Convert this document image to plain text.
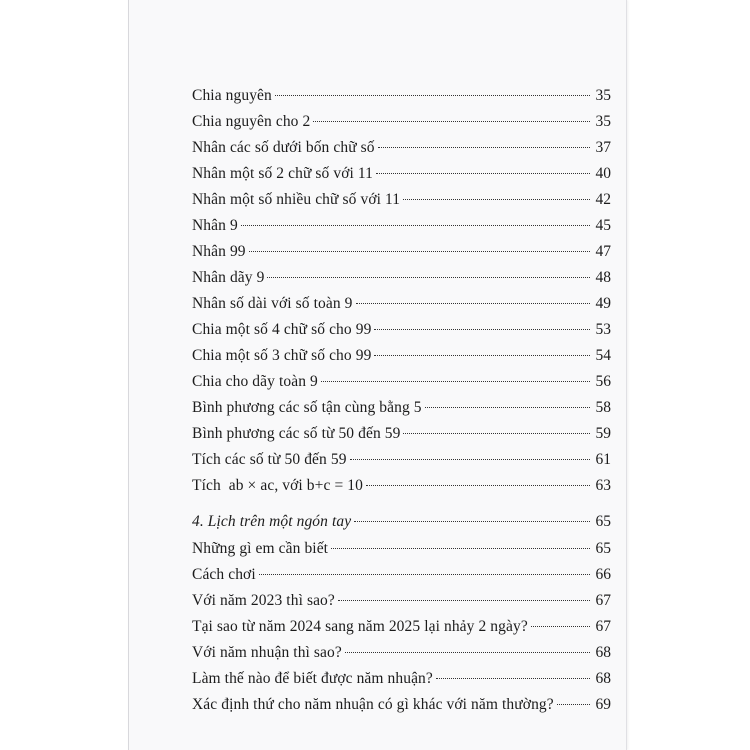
Chia nguyên	35
Chia nguyên cho 2	35
Nhân các số dưới bốn chữ số	37
Nhân một số 2 chữ số với 11	40
Nhân một số nhiều chữ số với 11	42
Nhân 9	45
Nhân 99	47
Nhân dãy 9	48
Nhân số dài với số toàn 9	49
Chia một số 4 chữ số cho 99	53
Chia một số 3 chữ số cho 99	54
Chia cho dãy toàn 9	56
Bình phương các số tận cùng bằng 5	58
Bình phương các số từ 50 đến 59	59
Tích các số từ 50 đến 59	61
Tích  ab × ac, với b+c = 10	63
4. Lịch trên một ngón tay	65
Những gì em cần biết	65
Cách chơi	66
Với năm 2023 thì sao?	67
Tại sao từ năm 2024 sang năm 2025 lại nhảy 2 ngày?	67
Với năm nhuận thì sao?	68
Làm thế nào để biết được năm nhuận?	68
Xác định thứ cho năm nhuận có gì khác với năm thường?	69
